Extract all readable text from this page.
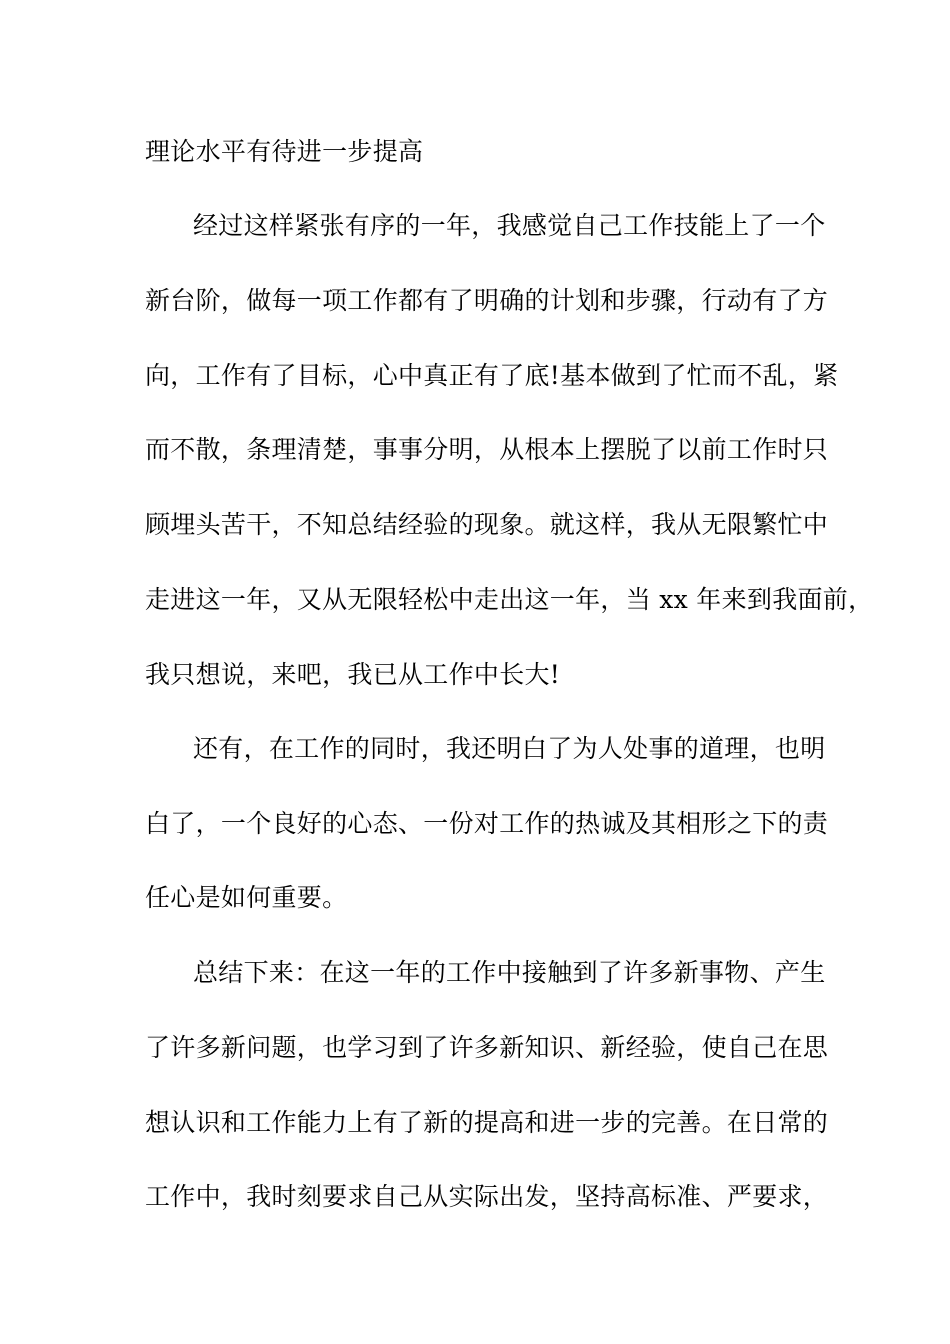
理论水平有待进一步提高
经过这样紧张有序的一年，我感觉自己工作技能上了一个
新台阶，做每一项工作都有了明确的计划和步骤，行动有了方
向，工作有了目标，心中真正有了底!基本做到了忙而不乱，紧
而不散，条理清楚，事事分明，从根本上摆脱了以前工作时只
顾埋头苦干，不知总结经验的现象。就这样，我从无限繁忙中
走进这一年，又从无限轻松中走出这一年，当 xx 年来到我面前，
我只想说，来吧，我已从工作中长大!
还有，在工作的同时，我还明白了为人处事的道理，也明
白了，一个良好的心态、一份对工作的热诚及其相形之下的责
任心是如何重要。
总结下来：在这一年的工作中接触到了许多新事物、产生
了许多新问题，也学习到了许多新知识、新经验，使自己在思
想认识和工作能力上有了新的提高和进一步的完善。在日常的
工作中，我时刻要求自己从实际出发，坚持高标准、严要求，
